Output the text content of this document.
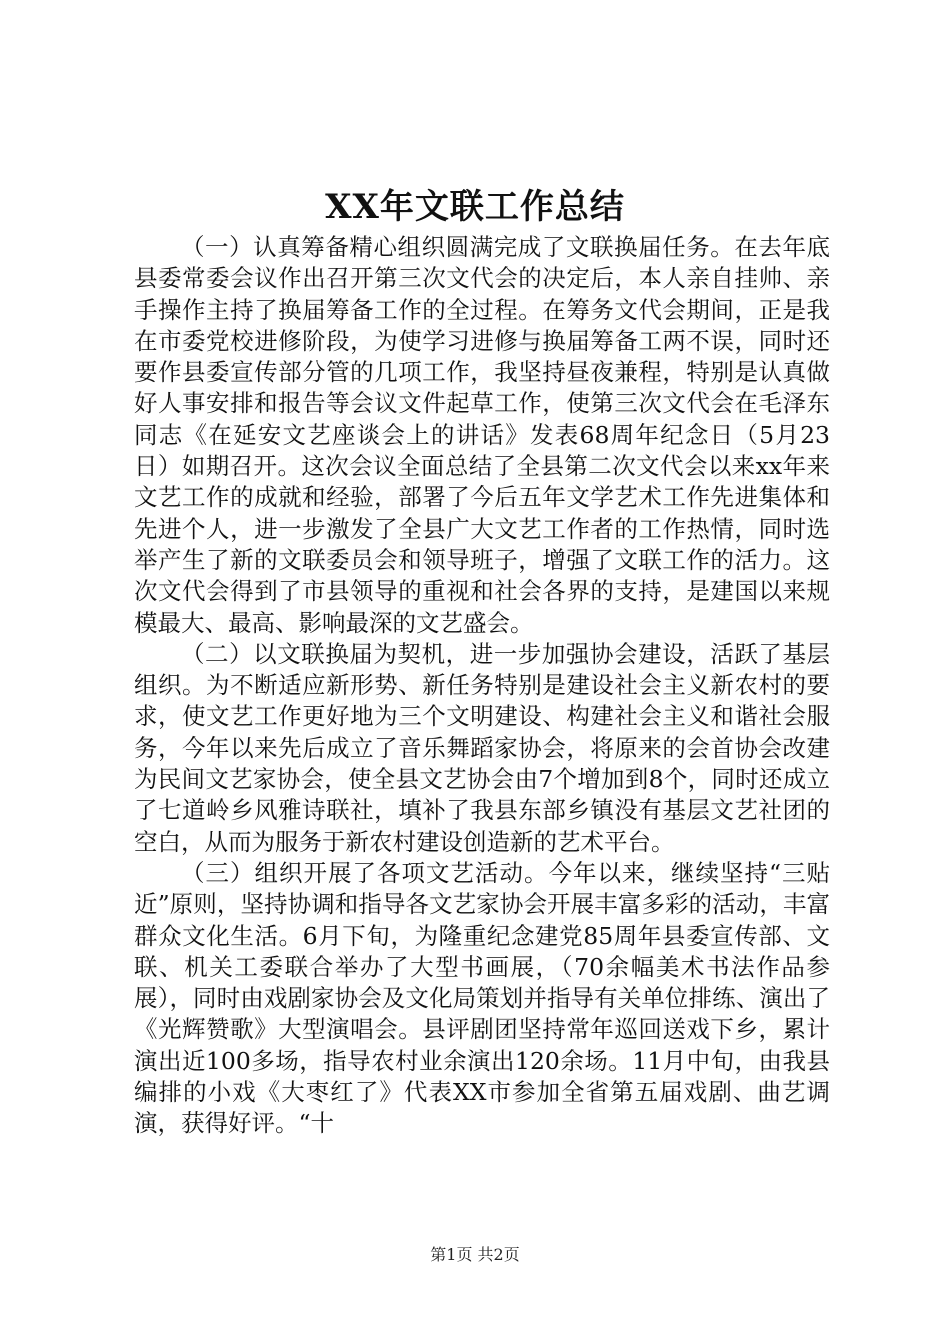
XX年文联工作总结

（一）认真筹备精心组织圆满完成了文联换届任务。在去年底县委常委会议作出召开第三次文代会的决定后，本人亲自挂帅、亲手操作主持了换届筹备工作的全过程。在筹务文代会期间，正是我在市委党校进修阶段，为使学习进修与换届筹备工两不误，同时还要作县委宣传部分管的几项工作，我坚持昼夜兼程，特别是认真做好人事安排和报告等会议文件起草工作，使第三次文代会在毛泽东同志《在延安文艺座谈会上的讲话》发表68周年纪念日（5月23日）如期召开。这次会议全面总结了全县第二次文代会以来xx年来文艺工作的成就和经验，部署了今后五年文学艺术工作先进集体和先进个人，进一步激发了全县广大文艺工作者的工作热情，同时选举产生了新的文联委员会和领导班子，增强了文联工作的活力。这次文代会得到了市县领导的重视和社会各界的支持，是建国以来规模最大、最高、影响最深的文艺盛会。

（二）以文联换届为契机，进一步加强协会建设，活跃了基层组织。为不断适应新形势、新任务特别是建设社会主义新农村的要求，使文艺工作更好地为三个文明建设、构建社会主义和谐社会服务，今年以来先后成立了音乐舞蹈家协会，将原来的会首协会改建为民间文艺家协会，使全县文艺协会由7个增加到8个，同时还成立了七道岭乡风雅诗联社，填补了我县东部乡镇没有基层文艺社团的空白，从而为服务于新农村建设创造新的艺术平台。

（三）组织开展了各项文艺活动。今年以来，继续坚持“三贴近”原则，坚持协调和指导各文艺家协会开展丰富多彩的活动，丰富群众文化生活。6月下旬，为隆重纪念建党85周年县委宣传部、文联、机关工委联合举办了大型书画展，（70余幅美术书法作品参展），同时由戏剧家协会及文化局策划并指导有关单位排练、演出了《光辉赞歌》大型演唱会。县评剧团坚持常年巡回送戏下乡，累计演出近100多场，指导农村业余演出120余场。11月中旬，由我县编排的小戏《大枣红了》代表XX市参加全省第五届戏剧、曲艺调演，获得好评。“十

第1页 共2页
